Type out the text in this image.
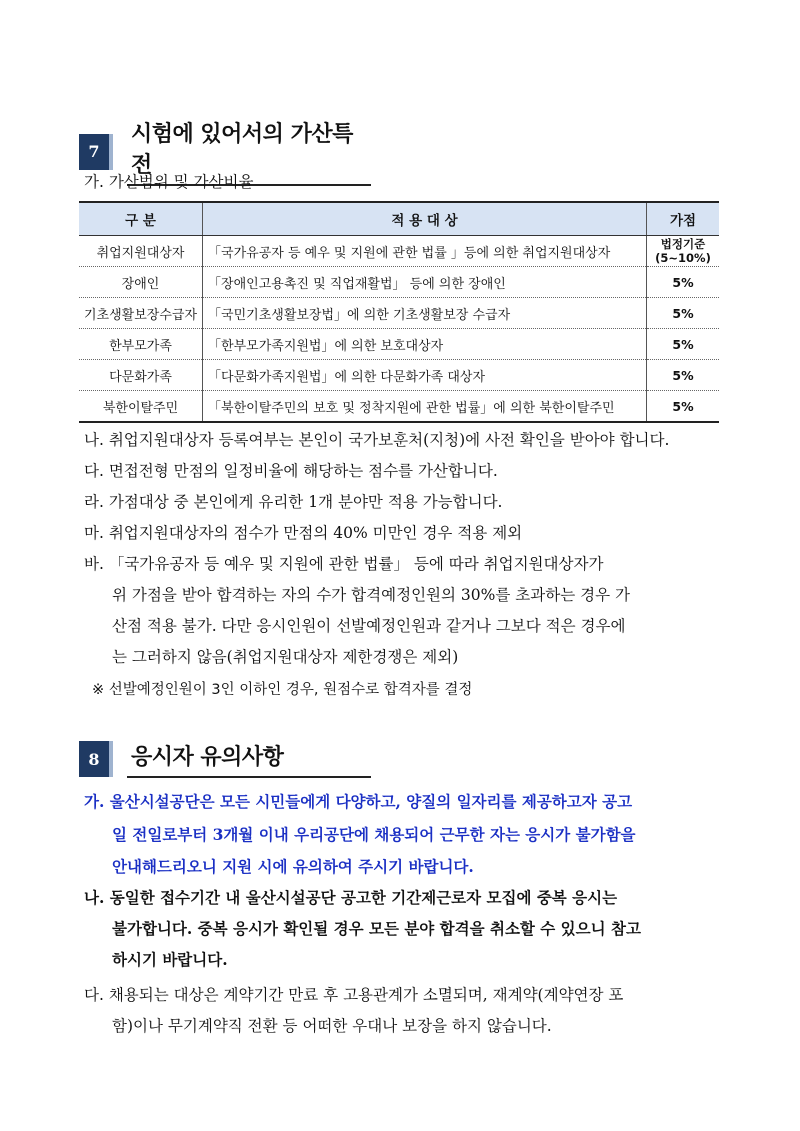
7
시험에 있어서의 가산특전
가. 가산범위 및 가산비율
구 분	적 용 대 상	가점
취업지원대상자	「국가유공자 등 예우 및 지원에 관한 법률 」등에 의한 취업지원대상자	법정기준
(5~10%)
장애인	「장애인고용촉진 및 직업재활법」 등에 의한 장애인	5%
기초생활보장수급자	「국민기초생활보장법」에 의한 기초생활보장 수급자	5%
한부모가족	「한부모가족지원법」에 의한 보호대상자	5%
다문화가족	「다문화가족지원법」에 의한 다문화가족 대상자	5%
북한이탈주민	「북한이탈주민의 보호 및 정착지원에 관한 법률」에 의한 북한이탈주민	5%
나. 취업지원대상자 등록여부는 본인이 국가보훈처(지청)에 사전 확인을 받아야 합니다.
다. 면접전형 만점의 일정비율에 해당하는 점수를 가산합니다.
라. 가점대상 중 본인에게 유리한 1개 분야만 적용 가능합니다.
마. 취업지원대상자의 점수가 만점의 40% 미만인 경우 적용 제외
바. 「국가유공자 등 예우 및 지원에 관한 법률」 등에 따라 취업지원대상자가
위 가점을 받아 합격하는 자의 수가 합격예정인원의 30%를 초과하는 경우 가
산점 적용 불가. 다만 응시인원이 선발예정인원과 같거나 그보다 적은 경우에
는 그러하지 않음(취업지원대상자 제한경쟁은 제외)
※ 선발예정인원이 3인 이하인 경우, 원점수로 합격자를 결정
8	응시자 유의사항
가. 울산시설공단은 모든 시민들에게 다양하고, 양질의 일자리를 제공하고자 공고
일 전일로부터 3개월 이내 우리공단에 채용되어 근무한 자는 응시가 불가함을
안내해드리오니 지원 시에 유의하여 주시기 바랍니다.
나. 동일한 접수기간 내 울산시설공단 공고한 기간제근로자 모집에 중복 응시는
불가합니다. 중복 응시가 확인될 경우 모든 분야 합격을 취소할 수 있으니 참고
하시기 바랍니다.
다. 채용되는 대상은 계약기간 만료 후 고용관계가 소멸되며, 재계약(계약연장 포
함)이나 무기계약직 전환 등 어떠한 우대나 보장을 하지 않습니다.
